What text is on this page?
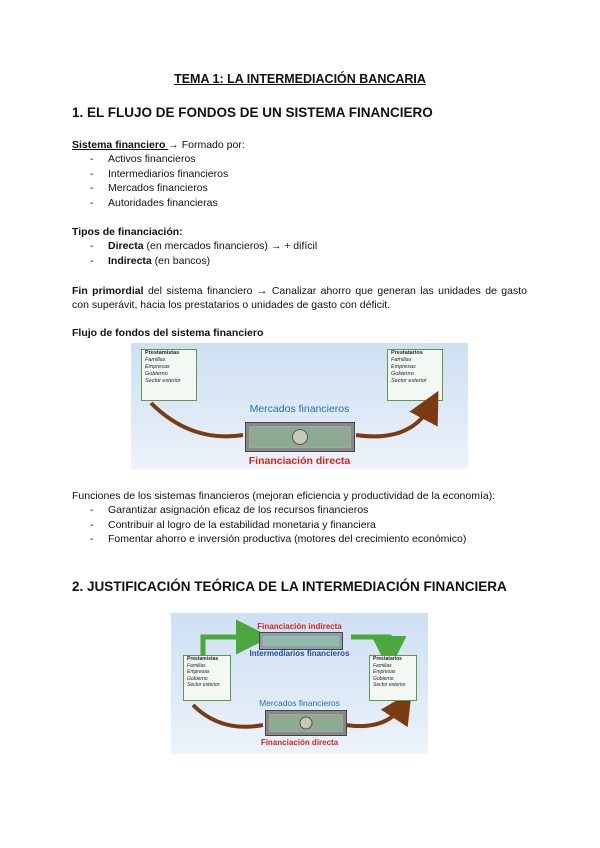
TEMA 1: LA INTERMEDIACIÓN BANCARIA
1. EL FLUJO DE FONDOS DE UN SISTEMA FINANCIERO
Sistema financiero → Formado por:
- Activos financieros
- Intermediarios financieros
- Mercados financieros
- Autoridades financieras
Tipos de financiación:
- Directa (en mercados financieros) → + difícil
- Indirecta (en bancos)
Fin primordial del sistema financiero → Canalizar ahorro que generan las unidades de gasto con superávit, hacia los prestatarios o unidades de gasto con déficit.
Flujo de fondos del sistema financiero
Prestamistas
Familias
Empresas
Gobierno
Sector exterior
Prestatarios
Familias
Empresas
Gobierno
Sector exterior
Mercados financieros
Financiación directa
Funciones de los sistemas financieros (mejoran eficiencia y productividad de la economía):
- Garantizar asignación eficaz de los recursos financieros
- Contribuir al logro de la estabilidad monetaria y financiera
- Fomentar ahorro e inversión productiva (motores del crecimiento económico)
2. JUSTIFICACIÓN TEÓRICA DE LA INTERMEDIACIÓN FINANCIERA
Financiación indirecta
Intermediarios financieros
Prestamistas
Familias
Empresas
Gobierno
Sector exterior
Prestatarios
Familias
Empresas
Gobierno
Sector exterior
Mercados financieros
Financiación directa
